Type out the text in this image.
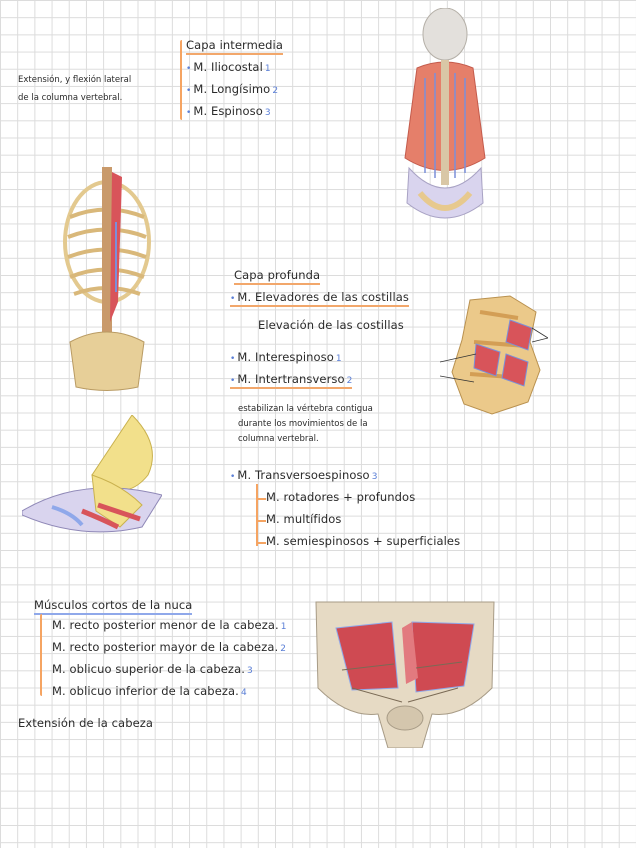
Capa intermedia
• M. Iliocostal 1
• M. Longísimo 2
• M. Espinoso 3
Extensión, y flexión lateral
de la columna vertebral.
Capa profunda
• M. Elevadores de las costillas
Elevación de las costillas
• M. Interespinoso 1
• M. Intertransverso 2
estabilizan la vértebra contigua
durante los movimientos de la
columna vertebral.
• M. Transversoespinoso 3
M. rotadores + profundos
M. multífidos
M. semiespinosos + superficiales
Músculos cortos de la nuca
M. recto posterior menor de la cabeza. 1
M. recto posterior mayor de la cabeza. 2
M. oblicuo superior de la cabeza. 3
M. oblicuo inferior de la cabeza. 4
Extensión de la cabeza
